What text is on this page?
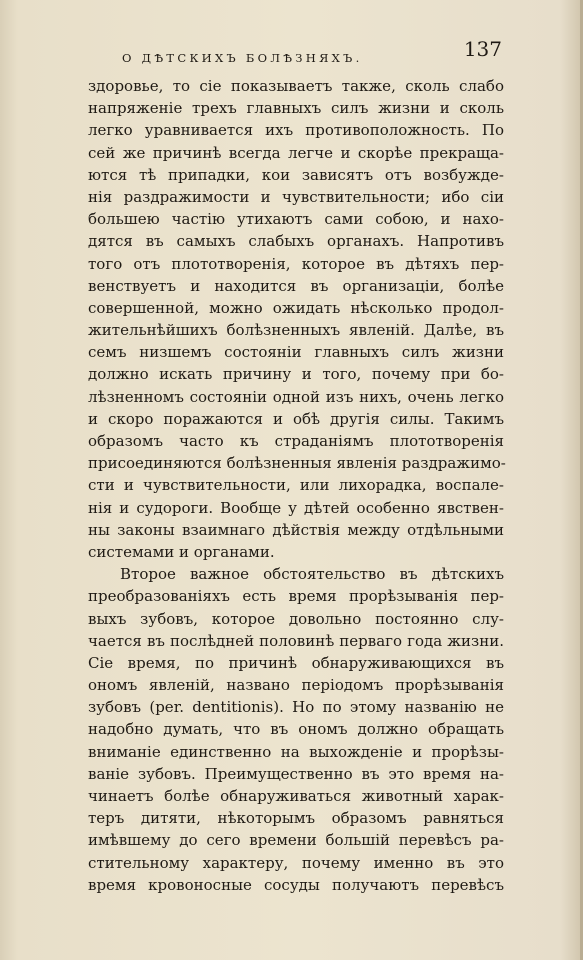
О ДѢТСКИХЪ БОЛѢЗНЯХЪ.	137
здоровье, то сіе показываетъ также, сколь слабо
напряженіе трехъ главныхъ силъ жизни и сколь
легко уравнивается ихъ противоположность. По
сей же причинѣ всегда легче и скорѣе прекраща-
ются тѣ припадки, кои зависятъ отъ возбужде-
нія раздражимости и чувствительности; ибо сіи
большею частію утихаютъ сами собою, и нахо-
дятся въ самыхъ слабыхъ органахъ. Напротивъ
того отъ плототворенія, которое въ дѣтяхъ пер-
венствуетъ и находится въ организаціи, болѣе
совершенной, можно ожидать нѣсколько продол-
жительнѣйшихъ болѣзненныхъ явленій. Далѣе, въ
семъ низшемъ состояніи главныхъ силъ жизни
должно искать причину и того, почему при бо-
лѣзненномъ состояніи одной изъ нихъ, очень легко
и скоро поражаются и обѣ другія силы. Такимъ
образомъ часто къ страданіямъ плототворенія
присоединяются болѣзненныя явленія раздражимо-
сти и чувствительности, или лихорадка, воспале-
нія и судороги. Вообще у дѣтей особенно явствен-
ны законы взаимнаго дѣйствія между отдѣльными
системами и органами.
Второе важное обстоятельство въ дѣтскихъ
преобразованіяхъ есть время прорѣзыванія пер-
выхъ зубовъ, которое довольно постоянно слу-
чается въ послѣдней половинѣ перваго года жизни.
Сіе время, по причинѣ обнаруживающихся въ
ономъ явленій, названо періодомъ прорѣзыванія
зубовъ (per. dentitionis). Но по этому названію не
надобно думать, что въ ономъ должно обращать
вниманіе единственно на выхожденіе и прорѣзы-
ваніе зубовъ. Преимущественно въ это время на-
чинаетъ болѣе обнаруживаться животный харак-
теръ дитяти, нѣкоторымъ образомъ равняться
имѣвшему до сего времени большій перевѣсъ ра-
стительному характеру, почему именно въ это
время кровоносные сосуды получаютъ перевѣсъ
